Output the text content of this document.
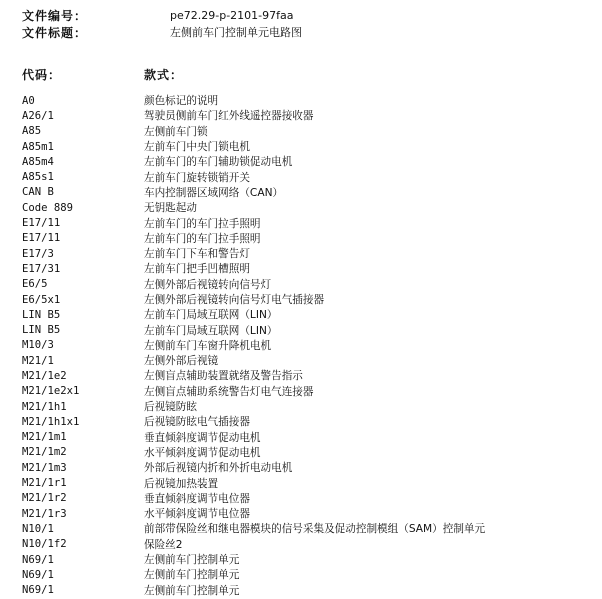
文件编号：	pe72.29-p-2101-97faa
文件标题：	左侧前车门控制单元电路图
代码：	款式：
A0	颜色标记的说明
A26/1	驾驶员侧前车门红外线遥控器接收器
A85	左侧前车门锁
A85m1	左前车门中央门锁电机
A85m4	左前车门的车门辅助锁促动电机
A85s1	左前车门旋转锁销开关
CAN B	车内控制器区域网络（CAN）
Code 889	无钥匙起动
E17/11	左前车门的车门拉手照明
E17/11	左前车门的车门拉手照明
E17/3	左前车门下车和警告灯
E17/31	左前车门把手凹槽照明
E6/5	左侧外部后视镜转向信号灯
E6/5x1	左侧外部后视镜转向信号灯电气插接器
LIN B5	左前车门局域互联网（LIN）
LIN B5	左前车门局域互联网（LIN）
M10/3	左侧前车门车窗升降机电机
M21/1	左侧外部后视镜
M21/1e2	左侧盲点辅助装置就绪及警告指示
M21/1e2x1	左侧盲点辅助系统警告灯电气连接器
M21/1h1	后视镜防眩
M21/1h1x1	后视镜防眩电气插接器
M21/1m1	垂直倾斜度调节促动电机
M21/1m2	水平倾斜度调节促动电机
M21/1m3	外部后视镜内折和外折电动电机
M21/1r1	后视镜加热装置
M21/1r2	垂直倾斜度调节电位器
M21/1r3	水平倾斜度调节电位器
N10/1	前部带保险丝和继电器模块的信号采集及促动控制模组（SAM）控制单元
N10/1f2	保险丝2
N69/1	左侧前车门控制单元
N69/1	左侧前车门控制单元
N69/1	左侧前车门控制单元
